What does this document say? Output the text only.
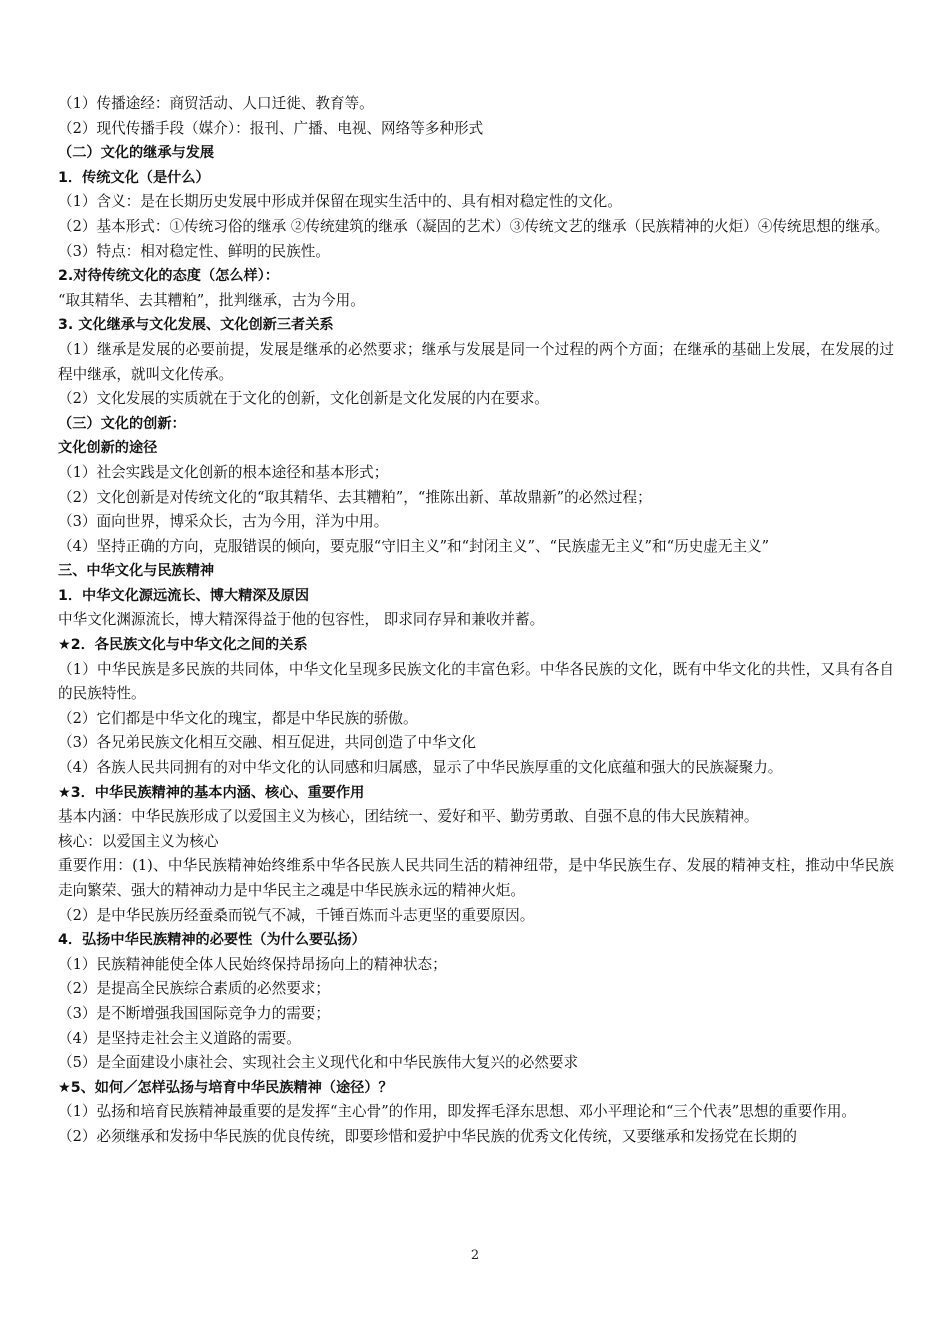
（1）传播途经：商贸活动、人口迁徙、教育等。
（2）现代传播手段（媒介）：报刊、广播、电视、网络等多种形式
（二）文化的继承与发展
1．传统文化（是什么）
（1）含义：是在长期历史发展中形成并保留在现实生活中的、具有相对稳定性的文化。
（2）基本形式：①传统习俗的继承 ②传统建筑的继承（凝固的艺术）③传统文艺的继承（民族精神的火炬）④传统思想的继承。
（3）特点：相对稳定性、鲜明的民族性。
2.对待传统文化的态度（怎么样）：
“取其精华、去其糟粕”，批判继承，古为今用。
3. 文化继承与文化发展、文化创新三者关系
（1）继承是发展的必要前提，发展是继承的必然要求；继承与发展是同一个过程的两个方面；在继承的基础上发展，在发展的过程中继承，就叫文化传承。
（2）文化发展的实质就在于文化的创新，文化创新是文化发展的内在要求。
（三）文化的创新：
文化创新的途径
（1）社会实践是文化创新的根本途径和基本形式；
（2）文化创新是对传统文化的“取其精华、去其糟粕”，“推陈出新、革故鼎新”的必然过程；
（3）面向世界，博采众长，古为今用，洋为中用。
（4）坚持正确的方向，克服错误的倾向，要克服“守旧主义”和“封闭主义”、“民族虚无主义”和“历史虚无主义”
三、中华文化与民族精神
1．中华文化源远流长、博大精深及原因
中华文化渊源流长，博大精深得益于他的包容性， 即求同存异和兼收并蓄。
★2．各民族文化与中华文化之间的关系
（1）中华民族是多民族的共同体，中华文化呈现多民族文化的丰富色彩。中华各民族的文化，既有中华文化的共性，又具有各自的民族特性。
（2）它们都是中华文化的瑰宝，都是中华民族的骄傲。
（3）各兄弟民族文化相互交融、相互促进，共同创造了中华文化
（4）各族人民共同拥有的对中华文化的认同感和归属感，显示了中华民族厚重的文化底蕴和强大的民族凝聚力。
★3．中华民族精神的基本内涵、核心、重要作用
基本内涵：中华民族形成了以爱国主义为核心，团结统一、爱好和平、勤劳勇敢、自强不息的伟大民族精神。
核心：以爱国主义为核心
重要作用：(1)、中华民族精神始终维系中华各民族人民共同生活的精神纽带，是中华民族生存、发展的精神支柱，推动中华民族走向繁荣、强大的精神动力是中华民主之魂是中华民族永远的精神火炬。
（2）是中华民族历经蚕桑而锐气不减，千锤百炼而斗志更坚的重要原因。
4．弘扬中华民族精神的必要性（为什么要弘扬）
（1）民族精神能使全体人民始终保持昂扬向上的精神状态；
（2）是提高全民族综合素质的必然要求；
（3）是不断增强我国国际竞争力的需要；
（4）是坚持走社会主义道路的需要。
（5）是全面建设小康社会、实现社会主义现代化和中华民族伟大复兴的必然要求
★5、如何／怎样弘扬与培育中华民族精神（途径）？
（1）弘扬和培育民族精神最重要的是发挥“主心骨”的作用，即发挥毛泽东思想、邓小平理论和“三个代表”思想的重要作用。
（2）必须继承和发扬中华民族的优良传统，即要珍惜和爱护中华民族的优秀文化传统，又要继承和发扬党在长期的
2
